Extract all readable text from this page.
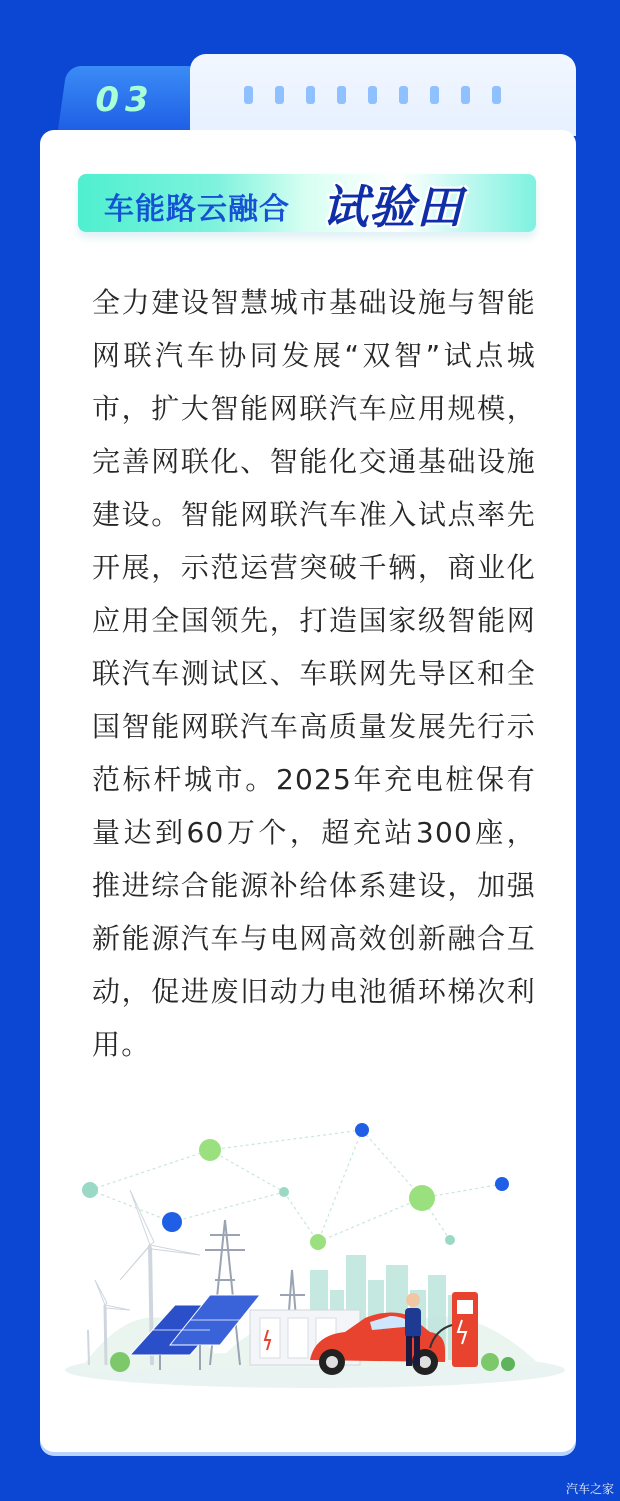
03
车能路云融合 试验田

全力建设智慧城市基础设施与智能网联汽车协同发展“双智”试点城市，扩大智能网联汽车应用规模，完善网联化、智能化交通基础设施建设。智能网联汽车准入试点率先开展，示范运营突破千辆，商业化应用全国领先，打造国家级智能网联汽车测试区、车联网先导区和全国智能网联汽车高质量发展先行示范标杆城市。2025年充电桩保有量达到60万个，超充站300座，推进综合能源补给体系建设，加强新能源汽车与电网高效创新融合互动，促进废旧动力电池循环梯次利用。

汽车之家
